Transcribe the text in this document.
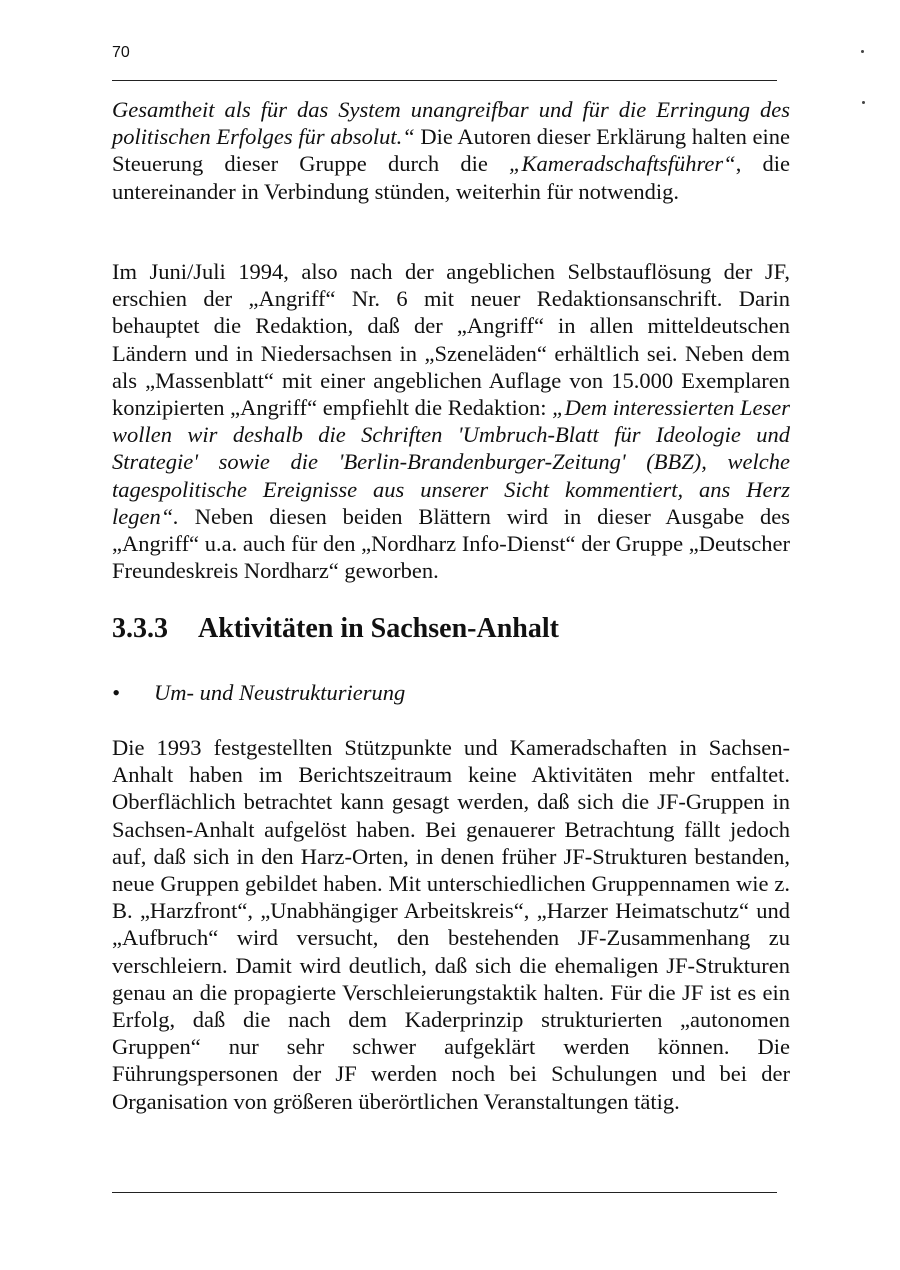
70

Gesamtheit als für das System unangreifbar und für die Erringung des politischen Erfolges für absolut.“ Die Autoren dieser Erklärung halten eine Steuerung dieser Gruppe durch die „Kameradschaftsführer“, die untereinander in Verbindung stünden, weiterhin für notwendig.

Im Juni/Juli 1994, also nach der angeblichen Selbstauflösung der JF, erschien der „Angriff“ Nr. 6 mit neuer Redaktionsanschrift. Darin behauptet die Redaktion, daß der „Angriff“ in allen mitteldeutschen Ländern und in Niedersachsen in „Szeneläden“ erhältlich sei. Neben dem als „Massenblatt“ mit einer angeblichen Auflage von 15.000 Exemplaren konzipierten „Angriff“ empfiehlt die Redaktion: „Dem interessierten Leser wollen wir deshalb die Schriften 'Umbruch-Blatt für Ideologie und Strategie' sowie die 'Berlin-Brandenburger-Zeitung' (BBZ), welche tagespolitische Ereignisse aus unserer Sicht kommentiert, ans Herz legen“. Neben diesen beiden Blättern wird in dieser Ausgabe des „Angriff“ u.a. auch für den „Nordharz Info-Dienst“ der Gruppe „Deutscher Freundeskreis Nordharz“ geworben.

3.3.3 Aktivitäten in Sachsen-Anhalt
• Um- und Neustrukturierung

Die 1993 festgestellten Stützpunkte und Kameradschaften in Sachsen-Anhalt haben im Berichtszeitraum keine Aktivitäten mehr entfaltet. Oberflächlich betrachtet kann gesagt werden, daß sich die JF-Gruppen in Sachsen-Anhalt aufgelöst haben. Bei genauerer Betrachtung fällt jedoch auf, daß sich in den Harz-Orten, in denen früher JF-Strukturen bestanden, neue Gruppen gebildet haben. Mit unterschiedlichen Gruppennamen wie z. B. „Harzfront“, „Unabhängiger Arbeitskreis“, „Harzer Heimatschutz“ und „Aufbruch“ wird versucht, den bestehenden JF-Zusammenhang zu verschleiern. Damit wird deutlich, daß sich die ehemaligen JF-Strukturen genau an die propagierte Verschleierungstaktik halten. Für die JF ist es ein Erfolg, daß die nach dem Kaderprinzip strukturierten „autonomen Gruppen“ nur sehr schwer aufgeklärt werden können. Die Führungspersonen der JF werden noch bei Schulungen und bei der Organisation von größeren überörtlichen Veranstaltungen tätig.
